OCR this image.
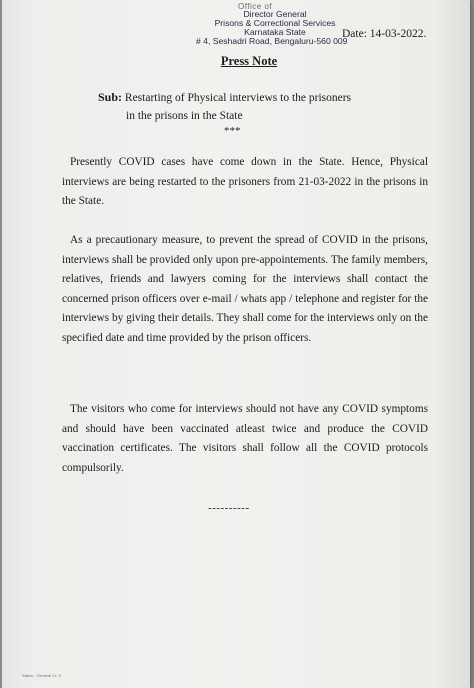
Office of
Director General
Prisons & Correctional Services
Karnataka State
# 4, Seshadri Road, Bengaluru-560 009
Date: 14-03-2022.
Press Note
Sub: Restarting of Physical interviews to the prisoners
in the prisons in the State
***
Presently COVID cases have come down in the State. Hence, Physical interviews are being restarted to the prisoners from 21-03-2022 in the prisons in the State.
As a precautionary measure, to prevent the spread of COVID in the prisons, interviews shall be provided only upon pre-appointements. The family members, relatives, friends and lawyers coming for the interviews shall contact the concerned prison officers over e-mail / whats app / telephone and register for the interviews by giving their details. They shall come for the interviews only on the specified date and time provided by the prison officers.
The visitors who come for interviews should not have any COVID symptoms and should have been vaccinated atleast twice and produce the COVID vaccination certificates. The visitors shall follow all the COVID protocols compulsorily.
----------
Sdbvn - General Cr. 8
